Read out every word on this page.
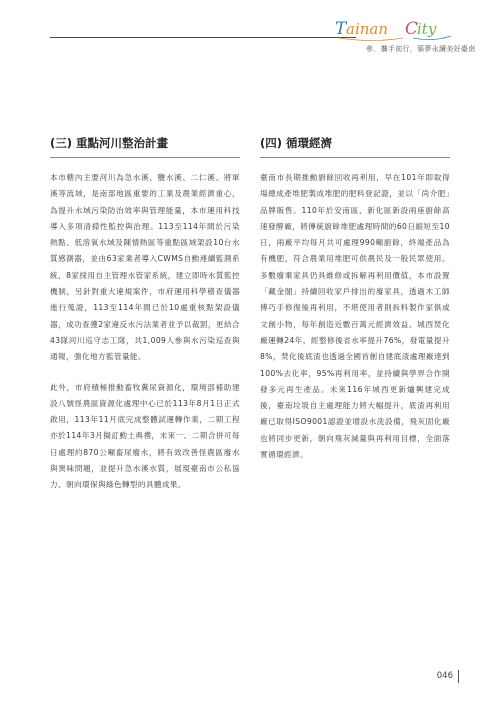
T ainan C
ity
參．攜手前行，築夢永續美好臺南
(三) 重點河川整治計畫

本市轄內主要河川為急水溪、鹽水溪、二仁溪、將軍溪等流域，是南部地區重要的工業及農業經濟重心，為提升水域污染防治效率與管理能量，本市運用科技導入多項清掃性監控與治理。113至114年間於污染熱點、低溶氧水域及陳情熱區等重點區域架設10台水質感測器，並由63家業者導入CWMS自動連續監測系統，8家採用自主管理水管家系統，建立即時水質監控機制，另針對重大違規案件，市府運用科學稽查儀器進行蒐證，113至114年間已於10處重核點架設儀器，成功查獲2家違反水污法業者並予以裁罰，更結合43隊河川巡守志工隊，共1,009人參與水污染巡查與通報，強化地方監管量能。

此外，市府積極推動畜牧糞尿資源化，環境部補助建設八號怪農區資源化處理中心已於113年8月1日正式啟用，113年11月底完成整體試運轉作業，二期工程亦於114年3月擬訂動土典禮，未來一、二期合併可每日處理約870公噸畜尿廢水，將有效改善怪農區廢水與異味問題，並提升急水溪水質，展現臺南市公私協力、朝向環保與綠色轉型的具體成果。

(四) 循環經濟

臺南市長期推動廚餘回收再利用，早在101年即取得場總成產堆肥製成堆肥的肥料登記證，並以「尚介肥」品牌販售。110年於安南區、新化區新設兩座廚餘高速發酵廠，將傳統廚餘堆肥處理時間的60日縮短至10日，兩廠平均每月共可處理990噸廚餘，終端產品為有機肥，符合農業用堆肥可供農民及一般民眾使用。多數廢棄家具仍具維修或拆解再利用價值，本市設置「藏金閣」持續回收家戶排出的廢家具，透過木工師傅巧手修復後再利用，不堪使用者則拆料製作家俱或文創小物，每年創造近數百萬元經濟效益。城西焚化廠運轉24年，經整修後省水率提升76%，發電量提升8%，焚化後底渣也透過全國首創自建底渣處理廠達到100%去化率，95%再利用率，並持續與學界合作開發多元再生產品。未來116年城西更新爐興建完成後，臺南垃圾自主處理能力將大幅提升，底渣再利用廠已取得ISO9001認證並增設水洗設備，飛灰固化廠也將同步更新，朝向飛灰減量與再利用目標，全面落實循環經濟。

046
